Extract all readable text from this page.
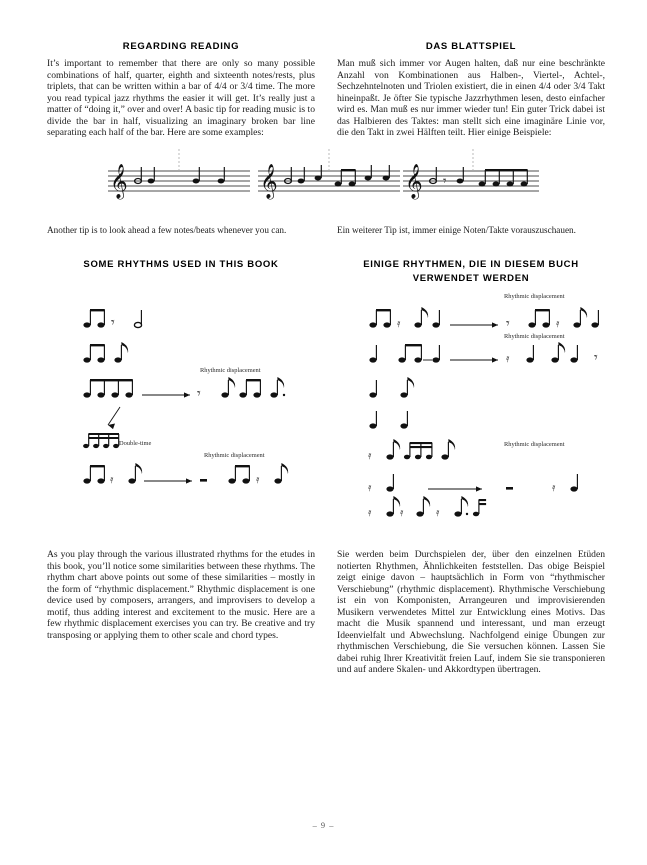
REGARDING READING	DAS BLATTSPIEL
It’s important to remember that there are only so many possible combinations of half, quarter, eighth and sixteenth notes/rests, plus triplets, that can be written within a bar of 4/4 or 3/4 time. The more you read typical jazz rhythms the easier it will get. It’s really just a matter of “doing it,” over and over! A basic tip for reading music is to divide the bar in half, visualizing an imaginary broken bar line separating each half of the bar. Here are some examples:
Man muß sich immer vor Augen halten, daß nur eine beschränkte Anzahl von Kombinationen aus Halben-, Viertel-, Achtel-, Sechzehntelnoten und Triolen existiert, die in einen 4/4 oder 3/4 Takt hineinpaßt. Je öfter Sie typische Jazzrhythmen lesen, desto einfacher wird es. Man muß es nur immer wieder tun! Ein guter Trick dabei ist das Halbieren des Taktes: man stellt sich eine imaginäre Linie vor, die den Takt in zwei Hälften teilt. Hier einige Beispiele:
𝄞	𝄞	𝄞 𝄾
Another tip is to look ahead a few notes/beats whenever you can.	Ein weiterer Tip ist, immer einige Noten/Takte vorauszuschauen.
SOME RHYTHMS USED IN THIS BOOK	EINIGE RHYTHMEN, DIE IN DIESEM BUCH
VERWENDET WERDEN
𝄾
𝄾
𝄿	𝄿
Rhythmic displacement
Double-time
Rhythmic displacement
𝄿	𝄾	𝄿
𝄿	𝄾
𝄿
𝄿	𝄿
𝄿	𝄿	𝄿
Rhythmic displacement
Rhythmic displacement
Rhythmic displacement
As you play through the various illustrated rhythms for the etudes in this book, you’ll notice some similarities between these rhythms. The rhythm chart above points out some of these similarities – mostly in the form of “rhythmic displacement.” Rhythmic displacement is one device used by composers, arrangers, and improvisers to develop a motif, thus adding interest and excitement to the music. Here are a few rhythmic displacement exercises you can try. Be creative and try transposing or applying them to other scale and chord types.
Sie werden beim Durchspielen der, über den einzelnen Etüden notierten Rhythmen, Ähnlichkeiten feststellen. Das obige Beispiel zeigt einige davon – hauptsächlich in Form von “rhythmischer Verschiebung” (rhythmic displacement). Rhythmische Verschiebung ist ein von Komponisten, Arrangeuren und improvisierenden Musikern verwendetes Mittel zur Entwicklung eines Motivs. Das macht die Musik spannend und interessant, und man erzeugt Ideenvielfalt und Abwechslung. Nachfolgend einige Übungen zur rhythmischen Verschiebung, die Sie versuchen können. Lassen Sie dabei ruhig Ihrer Kreativität freien Lauf, indem Sie sie transponieren und auf andere Skalen- und Akkordtypen übertragen.
– 9 –
